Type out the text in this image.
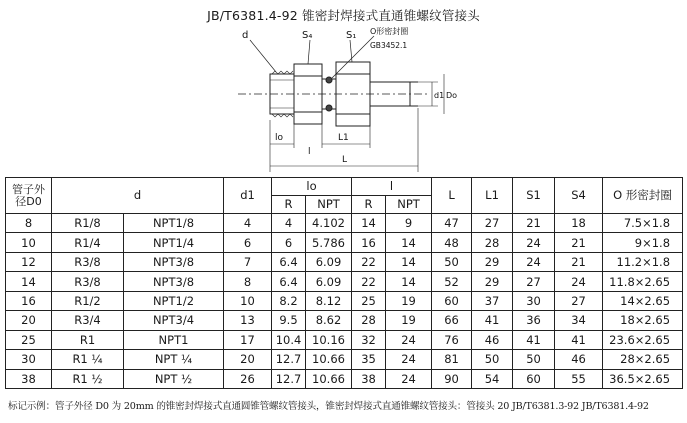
JB/T6381.4-92 锥密封焊接式直通锥螺纹管接头
d	S₄	S₁ O形密封圈
GB3452.1
d1 Do
lo	L1
l
L
管子外径D0	d		d1	lo		l		L	L1	S1	S4	O 形密封圈
				R	NPT	R	NPT					
8	R1/8	NPT1/8	4	4	4.102	14	9	47	27	21	18	7.5×1.8
10	R1/4	NPT1/4	6	6	5.786	16	14	48	28	24	21	9×1.8
12	R3/8	NPT3/8	7	6.4	6.09	22	14	50	29	24	21	11.2×1.8
14	R3/8	NPT3/8	8	6.4	6.09	22	14	52	29	27	24	11.8×2.65
16	R1/2	NPT1/2	10	8.2	8.12	25	19	60	37	30	27	14×2.65
20	R3/4	NPT3/4	13	9.5	8.62	28	19	66	41	36	34	18×2.65
25	R1	NPT1	17	10.4	10.16	32	24	76	46	41	41	23.6×2.65
30	R1 ¼	NPT ¼	20	12.7	10.66	35	24	81	50	50	46	28×2.65
38	R1 ½	NPT ½	26	12.7	10.66	38	24	90	54	60	55	36.5×2.65
标记示例：管子外径 D0 为 20mm 的锥密封焊接式直通圆锥管螺纹管接头，锥密封焊接式直通锥螺纹管接头：管接头 20 JB/T6381.3-92 JB/T6381.4-92
